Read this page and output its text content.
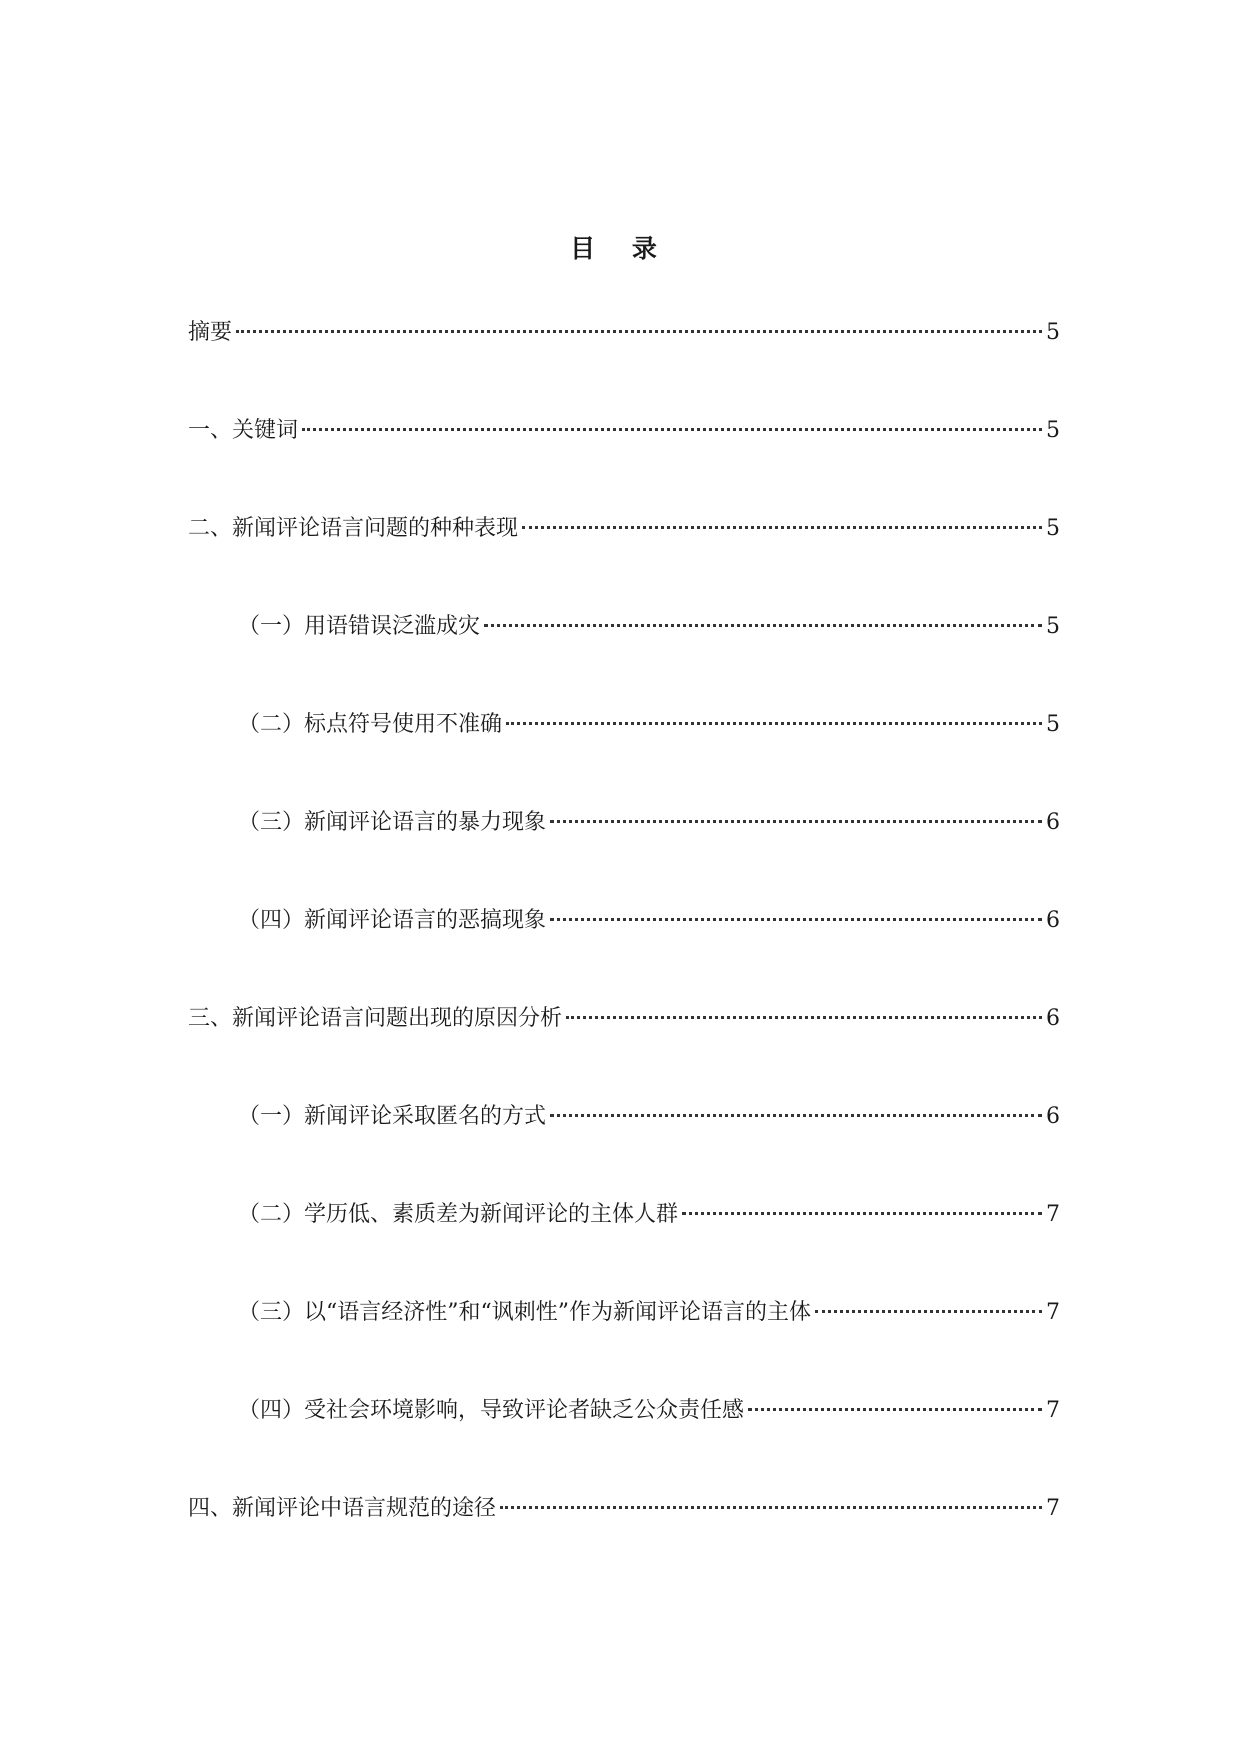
目 录
摘要	5
一、关键词	5
二、新闻评论语言问题的种种表现	5
（一）用语错误泛滥成灾	5
（二）标点符号使用不准确	5
（三）新闻评论语言的暴力现象	6
（四）新闻评论语言的恶搞现象	6
三、新闻评论语言问题出现的原因分析	6
（一）新闻评论采取匿名的方式	6
（二）学历低、素质差为新闻评论的主体人群	7
（三）以“语言经济性”和“讽刺性”作为新闻评论语言的主体	7
（四）受社会环境影响，导致评论者缺乏公众责任感	7
四、新闻评论中语言规范的途径	7
